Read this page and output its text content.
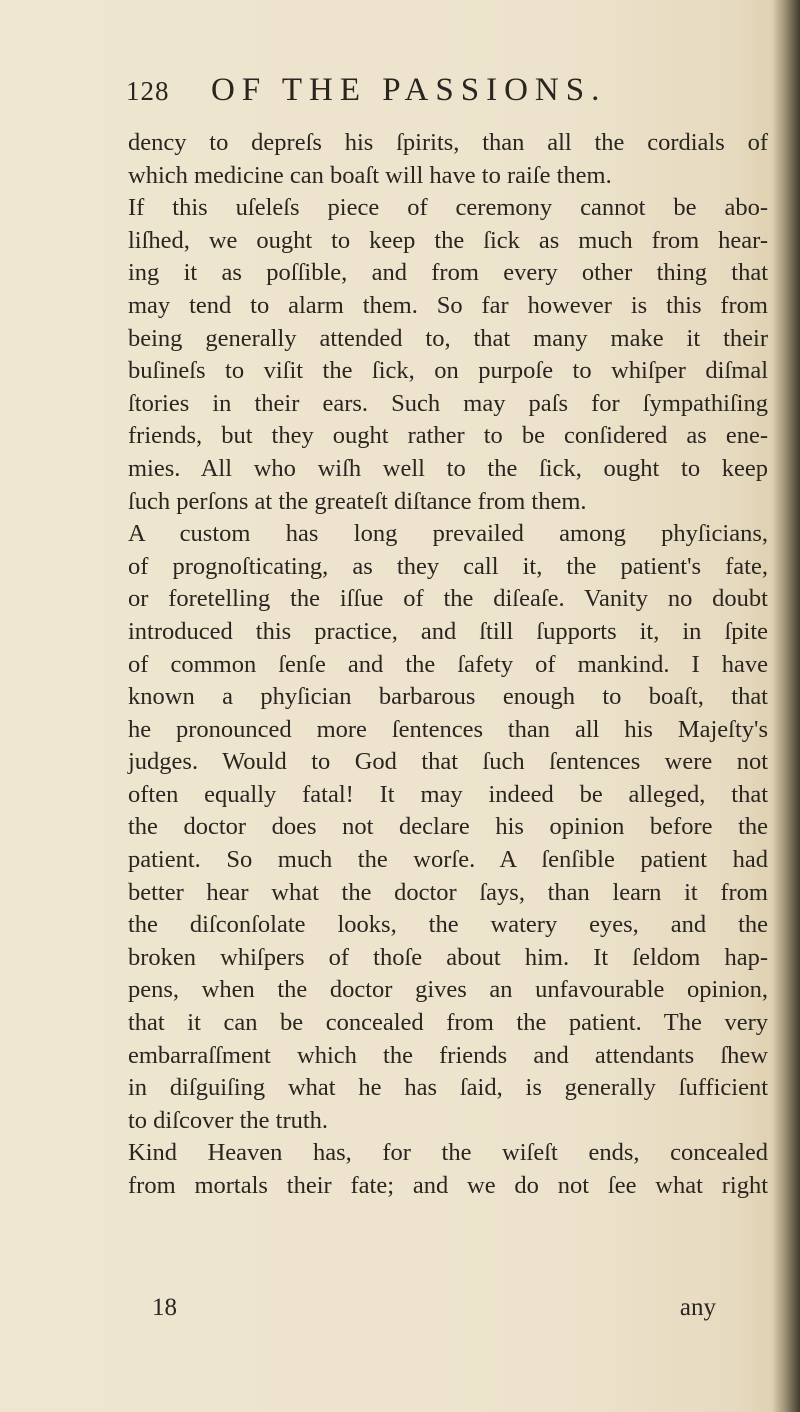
128 OF THE PASSIONS.
dency to depreſs his ſpirits, than all the cordials of
which medicine can boaſt will have to raiſe them.
If this uſeleſs piece of ceremony cannot be abo-
liſhed, we ought to keep the ſick as much from hear-
ing it as poſſible, and from every other thing that
may tend to alarm them. So far however is this from
being generally attended to, that many make it their
buſineſs to viſit the ſick, on purpoſe to whiſper diſmal
ſtories in their ears. Such may paſs for ſympathiſing
friends, but they ought rather to be conſidered as ene-
mies. All who wiſh well to the ſick, ought to keep
ſuch perſons at the greateſt diſtance from them.
A custom has long prevailed among phyſicians,
of prognoſticating, as they call it, the patient's fate,
or foretelling the iſſue of the diſeaſe. Vanity no doubt
introduced this practice, and ſtill ſupports it, in ſpite
of common ſenſe and the ſafety of mankind. I have
known a phyſician barbarous enough to boaſt, that
he pronounced more ſentences than all his Majeſty's
judges. Would to God that ſuch ſentences were not
often equally fatal! It may indeed be alleged, that
the doctor does not declare his opinion before the
patient. So much the worſe. A ſenſible patient had
better hear what the doctor ſays, than learn it from
the diſconſolate looks, the watery eyes, and the
broken whiſpers of thoſe about him. It ſeldom hap-
pens, when the doctor gives an unfavourable opinion,
that it can be concealed from the patient. The very
embarraſſment which the friends and attendants ſhew
in diſguiſing what he has ſaid, is generally ſufficient
to diſcover the truth.
Kind Heaven has, for the wiſeſt ends, concealed
from mortals their fate; and we do not ſee what right
18	any
